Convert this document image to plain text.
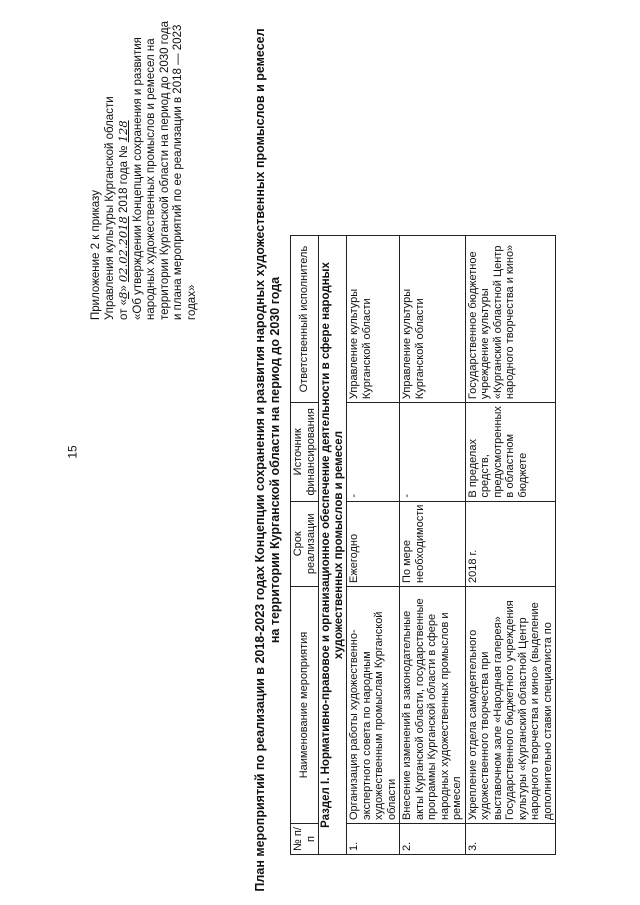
15
Приложение 2 к приказу Управления культуры Курганской области от «8» 02.02.2018 2018 года № 128 «Об утверждении Концепции сохранения и развития народных художественных промыслов и ремесел на территории Курганской области на период до 2030 года и плана мероприятий по ее реализации в 2018 — 2023 годах»	План мероприятий по реализации в 2018-2023 годах Концепции сохранения и развития народных художественных промыслов и ремесел на территории Курганской области на период до 2030 года
№ п/п	Наименование мероприятия	Срок реализации	Источник финансирования	Ответственный исполнитель
Раздел I. Нормативно-правовое и организационное обеспечение деятельности в сфере народных художественных промыслов и ремесел				
1.	Организация работы художественно-экспертного совета по народным художественным промыслам Курганской области	Ежегодно	-	Управление культуры Курганской области
2.	Внесение изменений в законодательные акты Курганской области, государственные программы Курганской области в сфере народных художественных промыслов и ремесел	По мере необходимости	-	Управление культуры Курганской области
3.	Укрепление отдела самодеятельного художественного творчества при выставочном зале «Народная галерея» Государственного бюджетного учреждения культуры «Курганский областной Центр народного творчества и кино» (выделение дополнительно ставки специалиста по	2018 г.	В пределах средств, предусмотренных в областном бюджете	Государственное бюджетное учреждение культуры «Курганский областной Центр народного творчества и кино»
